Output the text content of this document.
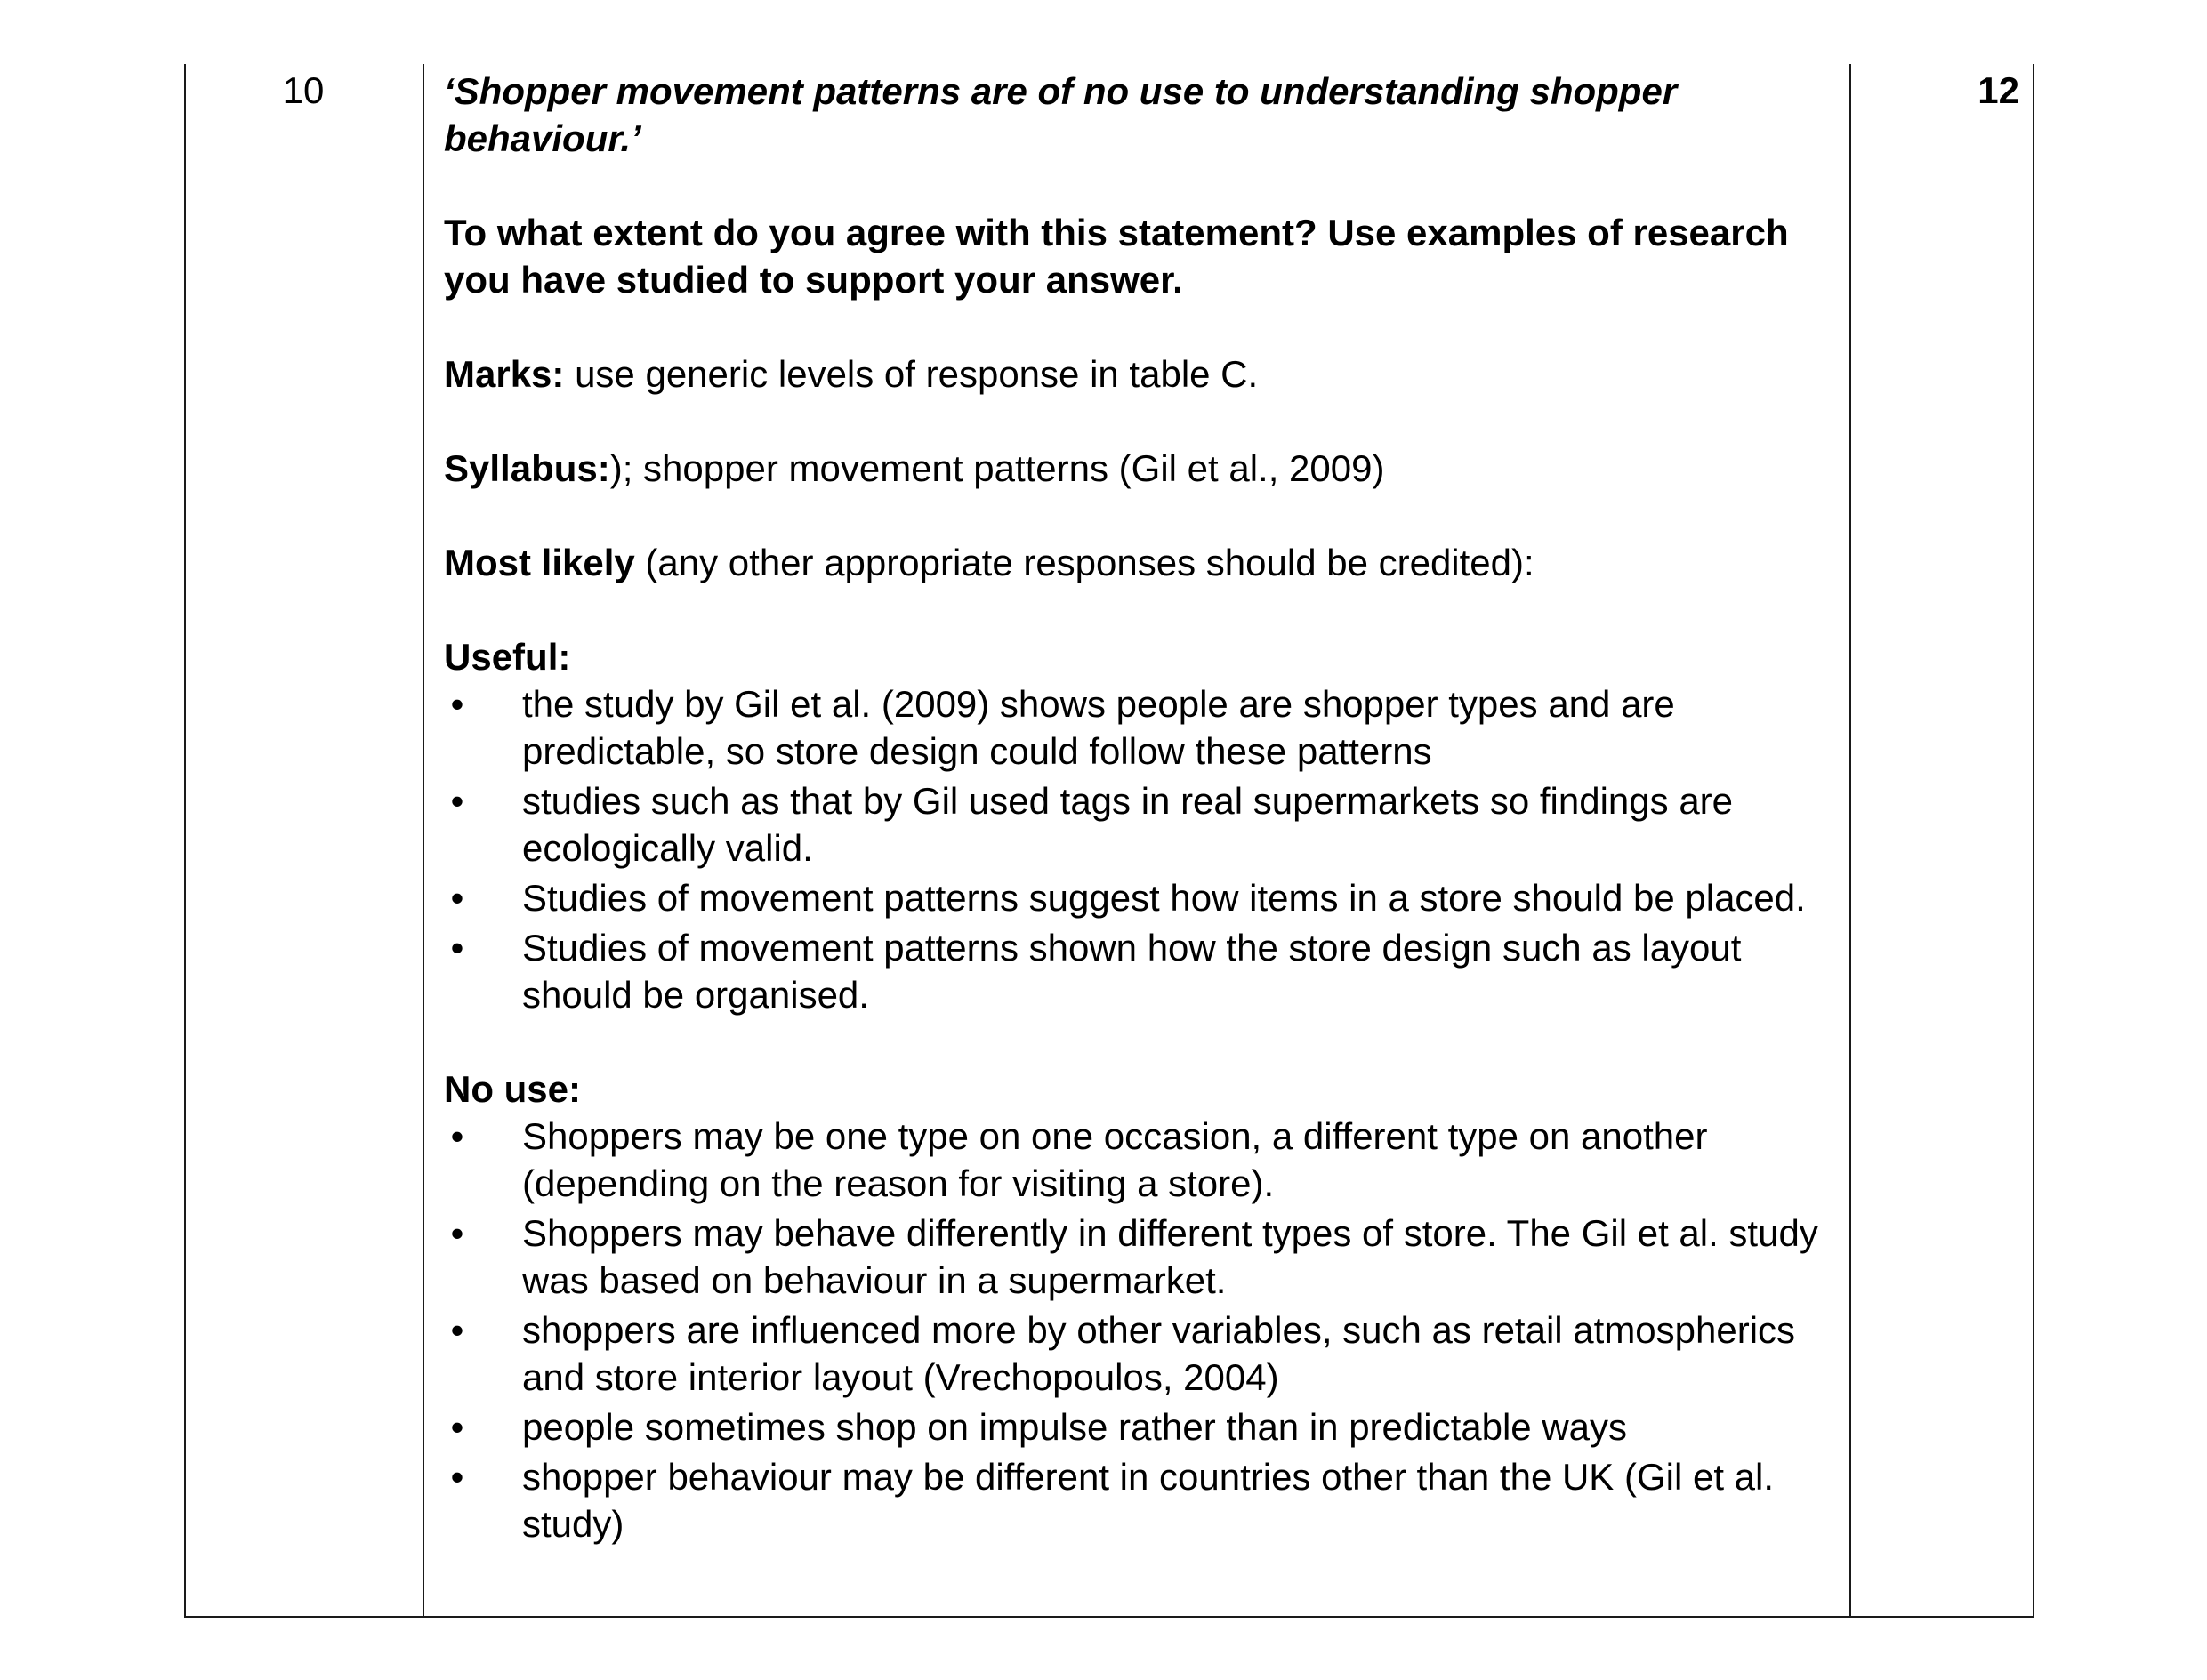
10	12

‘Shopper movement patterns are of no use to understanding shopper behaviour.’

To what extent do you agree with this statement? Use examples of research you have studied to support your answer.

Marks: use generic levels of response in table C.

Syllabus:); shopper movement patterns (Gil et al., 2009)

Most likely (any other appropriate responses should be credited):

Useful:

• the study by Gil et al. (2009) shows people are shopper types and are predictable, so store design could follow these patterns
• studies such as that by Gil used tags in real supermarkets so findings are ecologically valid.
• Studies of movement patterns suggest how items in a store should be placed.
• Studies of movement patterns shown how the store design such as layout should be organised.

No use:

• Shoppers may be one type on one occasion, a different type on another (depending on the reason for visiting a store).
• Shoppers may behave differently in different types of store. The Gil et al. study was based on behaviour in a supermarket.
• shoppers are influenced more by other variables, such as retail atmospherics and store interior layout (Vrechopoulos, 2004)
• people sometimes shop on impulse rather than in predictable ways
• shopper behaviour may be different in countries other than the UK (Gil et al. study)
